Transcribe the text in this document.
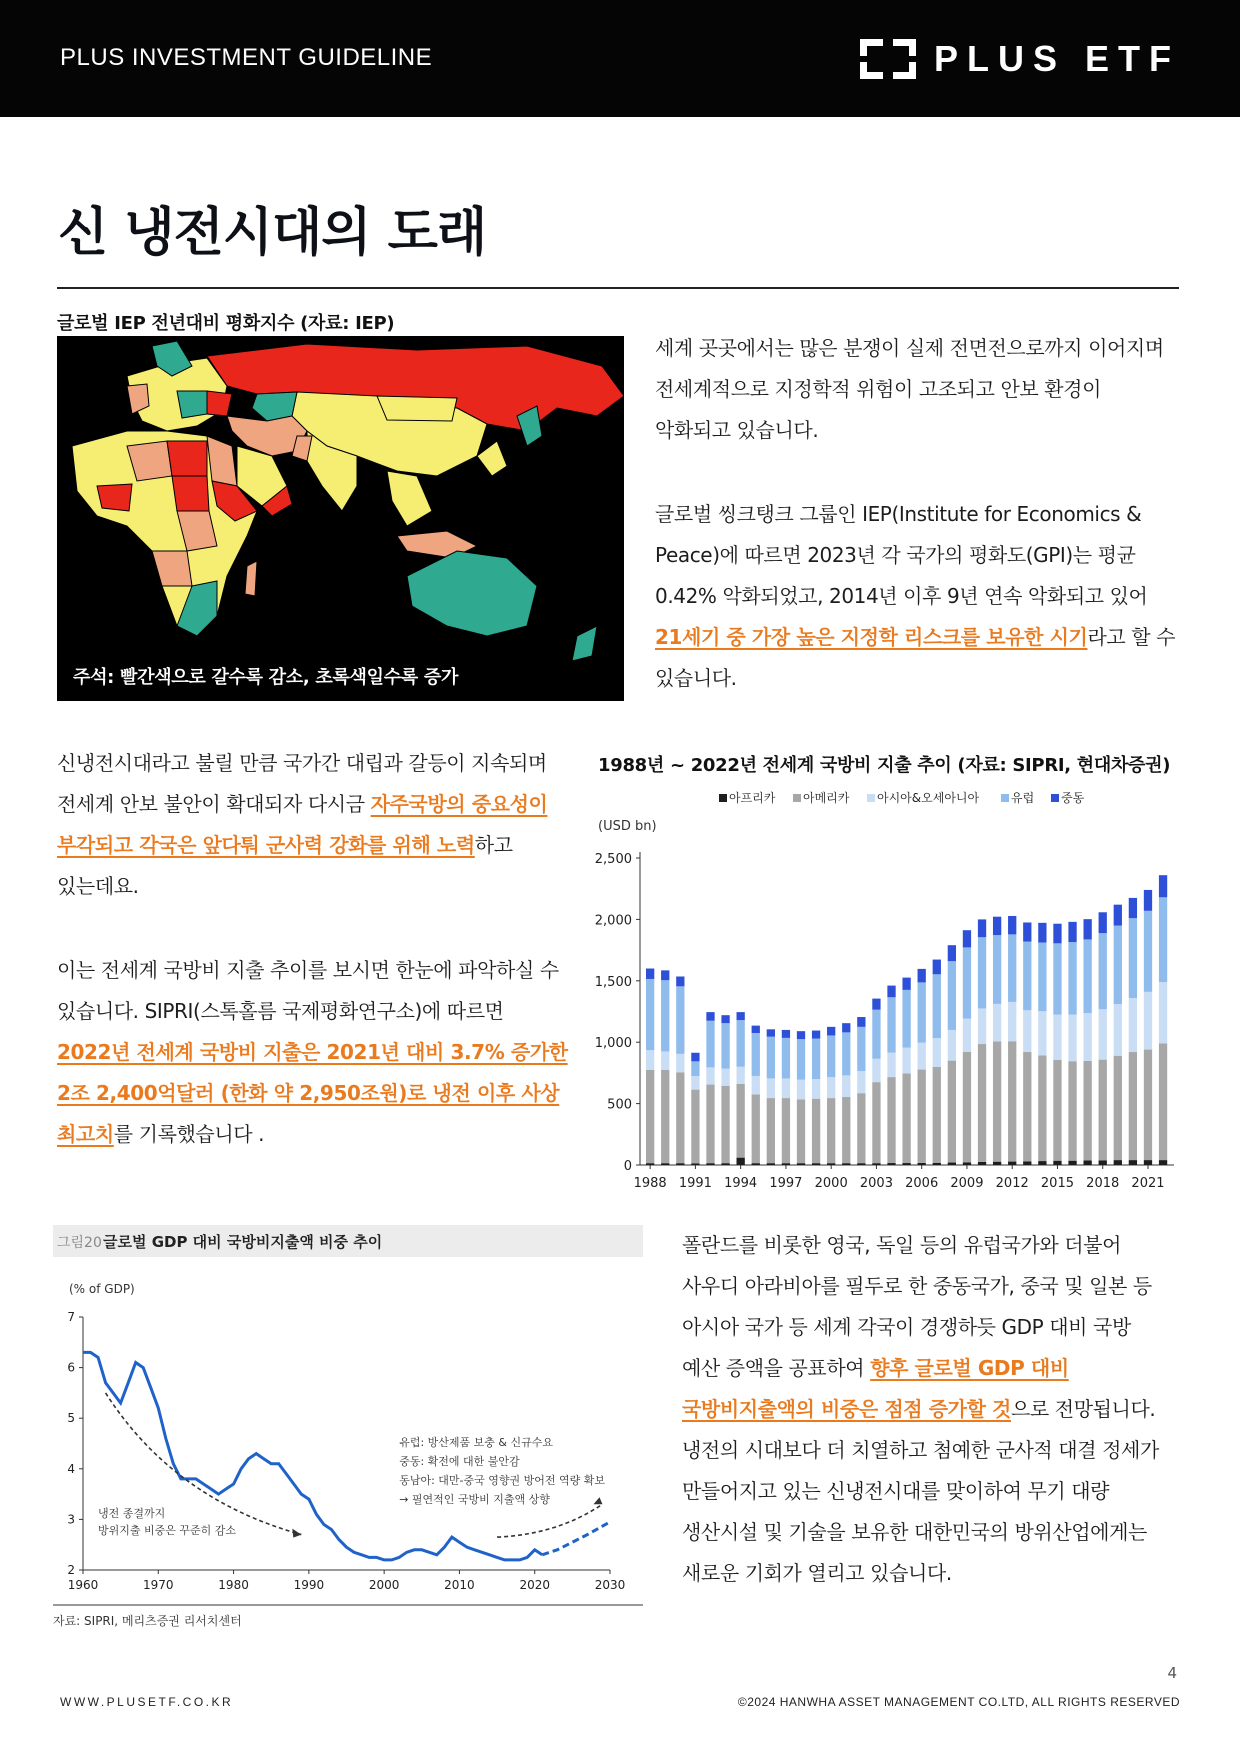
PLUS INVESTMENT GUIDELINE	PLUS ETF
신 냉전시대의 도래
글로벌 IEP 전년대비 평화지수 (자료: IEP)
주석: 빨간색으로 갈수록 감소, 초록색일수록 증가
세계 곳곳에서는 많은 분쟁이 실제 전면전으로까지 이어지며
전세계적으로 지정학적 위험이 고조되고 안보 환경이
악화되고 있습니다.
글로벌 씽크탱크 그룹인 IEP(Institute for Economics &
Peace)에 따르면 2023년 각 국가의 평화도(GPI)는 평균
0.42% 악화되었고, 2014년 이후 9년 연속 악화되고 있어
21세기 중 가장 높은 지정학 리스크를 보유한 시기라고 할 수
있습니다.
신냉전시대라고 불릴 만큼 국가간 대립과 갈등이 지속되며
전세계 안보 불안이 확대되자 다시금 자주국방의 중요성이
부각되고 각국은 앞다퉈 군사력 강화를 위해 노력하고
있는데요.
이는 전세계 국방비 지출 추이를 보시면 한눈에 파악하실 수
있습니다. SIPRI(스톡홀름 국제평화연구소)에 따르면
2022년 전세계 국방비 지출은 2021년 대비 3.7% 증가한
2조 2,400억달러 (한화 약 2,950조원)로 냉전 이후 사상
최고치를 기록했습니다 .
1988년 ~ 2022년 전세계 국방비 지출 추이 (자료: SIPRI, 현대차증권)
아프리카 아메리카 아시아&오세아니아	유럽 중동
(USD bn)
0
500
1,000
1,500
2,000
2,500
1988 1991 1994 1997 2000 2003 2006 2009 2012 2015 2018 2021
그림20 글로벌 GDP 대비 국방비지출액 비중 추이
(% of GDP)
2
3
4
5
6
7
1960	1970	1980	1990	2000	2010	2020	2030
냉전 종결까지
방위지출 비중은 꾸준히 감소
유럽: 방산제품 보충 & 신규수요
중동: 확전에 대한 불안감
동남아: 대만-중국 영향권 방어전 역량 확보
→ 필연적인 국방비 지출액 상향
자료: SIPRI, 메리츠증권 리서치센터
폴란드를 비롯한 영국, 독일 등의 유럽국가와 더불어
사우디 아라비아를 필두로 한 중동국가, 중국 및 일본 등
아시아 국가 등 세계 각국이 경쟁하듯 GDP 대비 국방
예산 증액을 공표하여 향후 글로벌 GDP 대비
국방비지출액의 비중은 점점 증가할 것으로 전망됩니다.
냉전의 시대보다 더 치열하고 첨예한 군사적 대결 정세가
만들어지고 있는 신냉전시대를 맞이하여 무기 대량
생산시설 및 기술을 보유한 대한민국의 방위산업에게는
새로운 기회가 열리고 있습니다.
4
WWW.PLUSETF.CO.KR	©2024 HANWHA ASSET MANAGEMENT CO.LTD, ALL RIGHTS RESERVED
